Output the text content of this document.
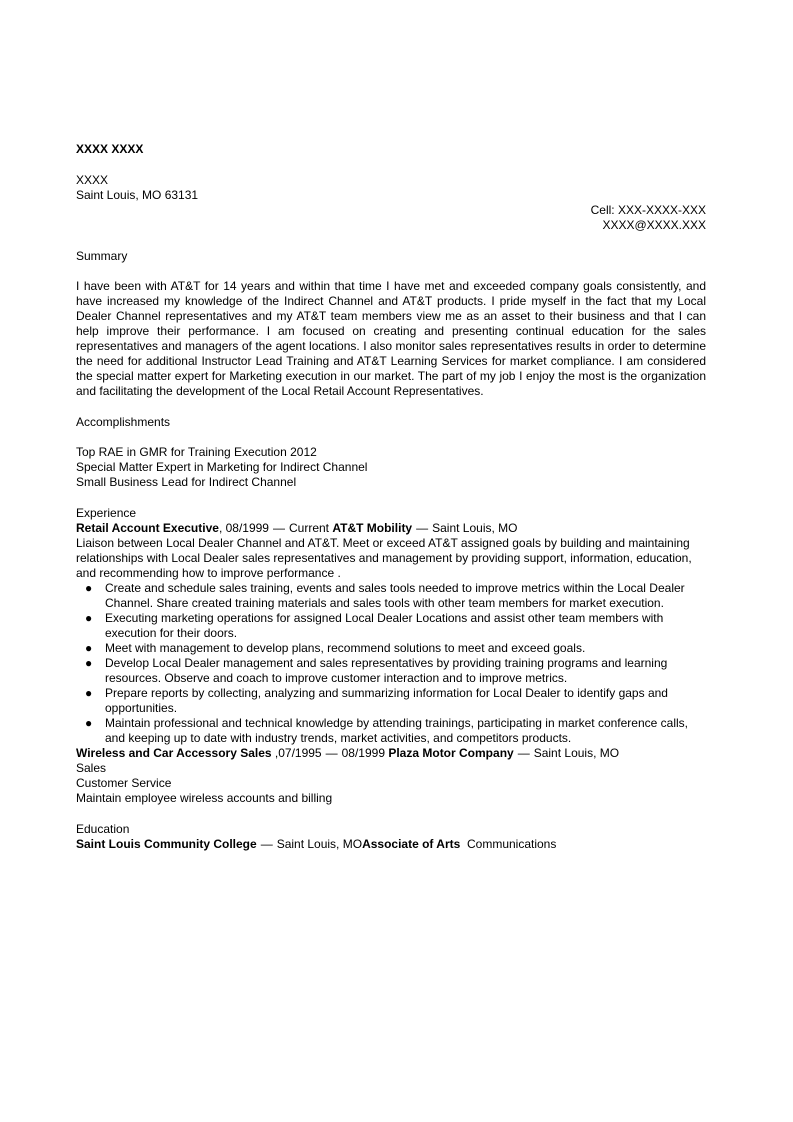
XXXX XXXX
XXXX
Saint Louis, MO 63131
Cell: XXX-XXXX-XXX
XXXX@XXXX.XXX
Summary
I have been with AT&T for 14 years and within that time I have met and exceeded company goals consistently, and have increased my knowledge of the Indirect Channel and AT&T products. I pride myself in the fact that my Local Dealer Channel representatives and my AT&T team members view me as an asset to their business and that I can help improve their performance. I am focused on creating and presenting continual education for the sales representatives and managers of the agent locations. I also monitor sales representatives results in order to determine the need for additional Instructor Lead Training and AT&T Learning Services for market compliance. I am considered the special matter expert for Marketing execution in our market. The part of my job I enjoy the most is the organization and facilitating the development of the Local Retail Account Representatives.
Accomplishments
Top RAE in GMR for Training Execution 2012
Special Matter Expert in Marketing for Indirect Channel
Small Business Lead for Indirect Channel
Experience
Retail Account Executive, 08/1999 — Current AT&T Mobility — Saint Louis, MO
Liaison between Local Dealer Channel and AT&T. Meet or exceed AT&T assigned goals by building and maintaining relationships with Local Dealer sales representatives and management by providing support, information, education, and recommending how to improve performance .
● Create and schedule sales training, events and sales tools needed to improve metrics within the Local Dealer Channel. Share created training materials and sales tools with other team members for market execution.
● Executing marketing operations for assigned Local Dealer Locations and assist other team members with execution for their doors.
● Meet with management to develop plans, recommend solutions to meet and exceed goals.
● Develop Local Dealer management and sales representatives by providing training programs and learning resources. Observe and coach to improve customer interaction and to improve metrics.
● Prepare reports by collecting, analyzing and summarizing information for Local Dealer to identify gaps and opportunities.
● Maintain professional and technical knowledge by attending trainings, participating in market conference calls, and keeping up to date with industry trends, market activities, and competitors products.
Wireless and Car Accessory Sales ,07/1995 — 08/1999 Plaza Motor Company — Saint Louis, MO
Sales
Customer Service
Maintain employee wireless accounts and billing
Education
Saint Louis Community College — Saint Louis, MOAssociate of Arts Communications
